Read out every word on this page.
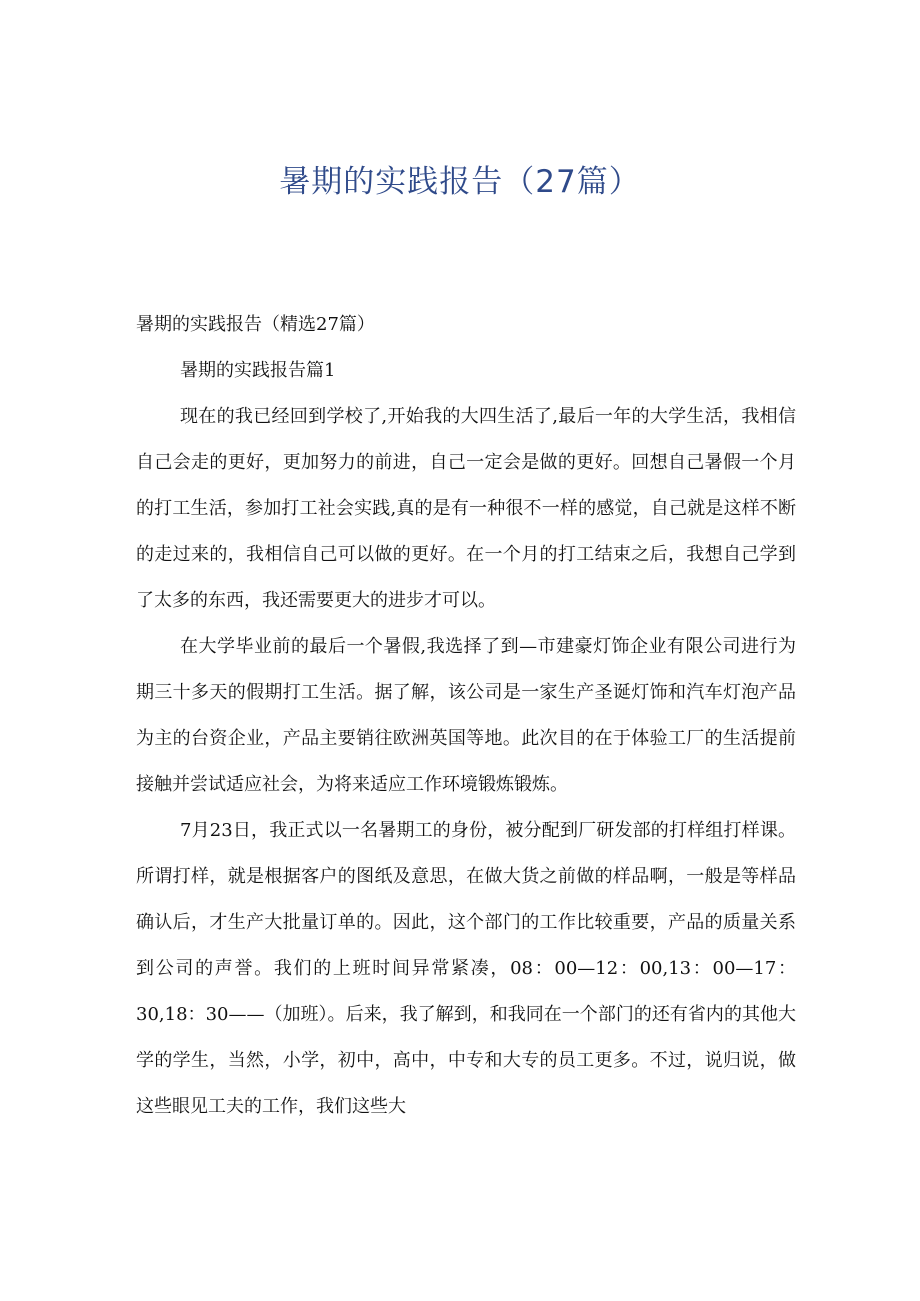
暑期的实践报告（27篇）

暑期的实践报告（精选27篇）

暑期的实践报告篇1

现在的我已经回到学校了,开始我的大四生活了,最后一年的大学生活，我相信自己会走的更好，更加努力的前进，自己一定会是做的更好。回想自己暑假一个月的打工生活，参加打工社会实践,真的是有一种很不一样的感觉，自己就是这样不断的走过来的，我相信自己可以做的更好。在一个月的打工结束之后，我想自己学到了太多的东西，我还需要更大的进步才可以。

在大学毕业前的最后一个暑假,我选择了到—市建豪灯饰企业有限公司进行为期三十多天的假期打工生活。据了解，该公司是一家生产圣诞灯饰和汽车灯泡产品为主的台资企业，产品主要销往欧洲英国等地。此次目的在于体验工厂的生活提前接触并尝试适应社会，为将来适应工作环境锻炼锻炼。

7月23日，我正式以一名暑期工的身份，被分配到厂研发部的打样组打样课。所谓打样，就是根据客户的图纸及意思，在做大货之前做的样品啊，一般是等样品确认后，才生产大批量订单的。因此，这个部门的工作比较重要，产品的质量关系到公司的声誉。我们的上班时间异常紧凑，08：00—12：00,13：00—17：30,18：30——（加班）。后来，我了解到，和我同在一个部门的还有省内的其他大学的学生，当然，小学，初中，高中，中专和大专的员工更多。不过，说归说，做这些眼见工夫的工作，我们这些大
